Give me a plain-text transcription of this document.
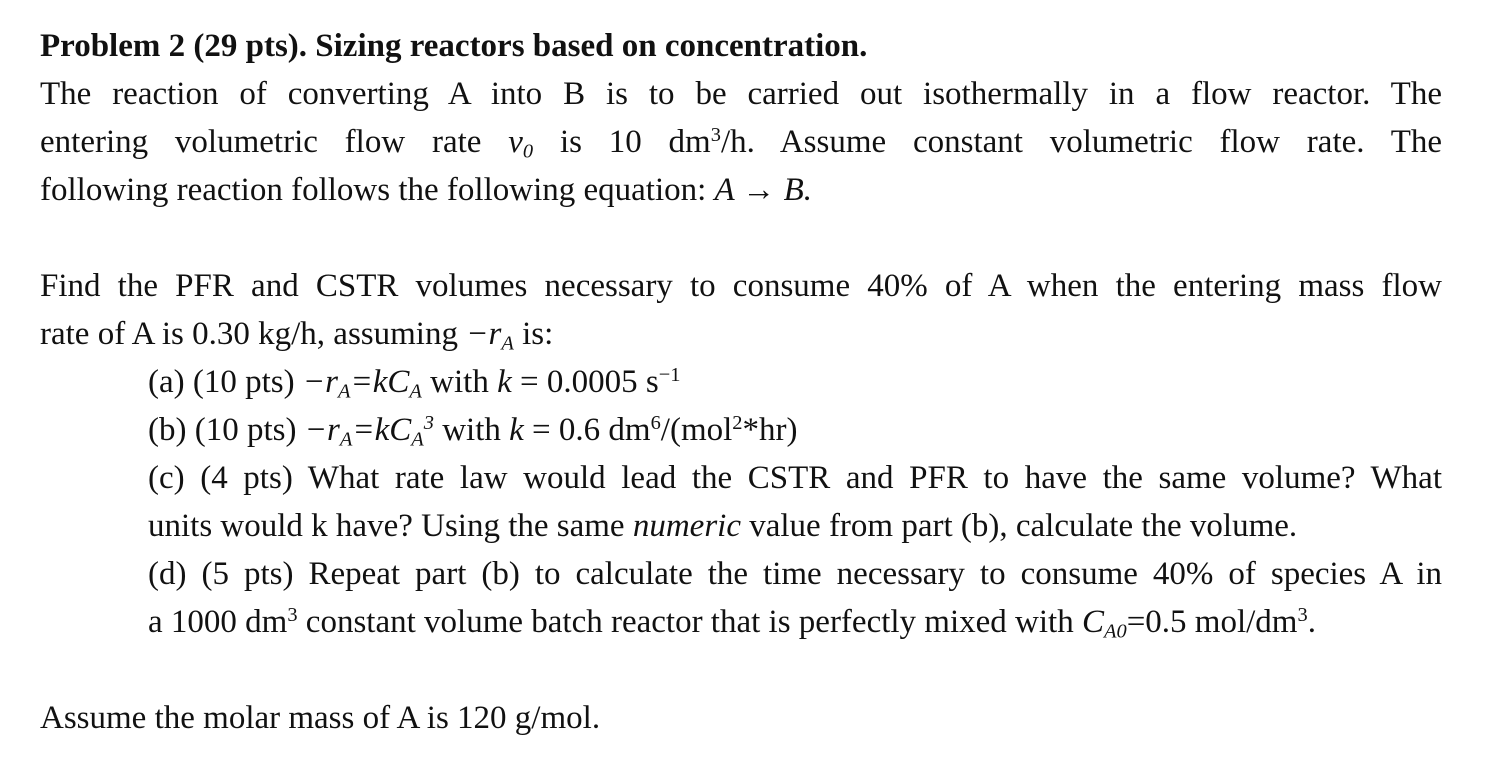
Problem 2 (29 pts). Sizing reactors based on concentration.
The reaction of converting A into B is to be carried out isothermally in a flow reactor. The
entering volumetric flow rate $v_0$ is 10 $dm^3/h$. Assume constant volumetric flow rate. The
following reaction follows the following equation: A → B.
Find the PFR and CSTR volumes necessary to consume 40% of A when the entering mass flow
rate of A is 0.30 kg/h, assuming $-r_A$ is:
(a) (10 $pts) -r_A=kC_A$ with k = 0.0005 $s^{-1}$
(b) (10 $pts) -r_A=kC_A^3$ with k = 0.6 $dm^6/(mol^2*hr)$
(c) (4 pts) What rate law would lead the CSTR and PFR to have the same volume? What
units would k have? Using the same numeric value from part (b), calculate the volume.
(d) (5 pts) Repeat part (b) to calculate the time necessary to consume 40% of species A in
a 1000 $dm^3$ constant volume batch reactor that is perfectly mixed with $C_{A0}=0.5$ mol/$dm^3$.
Assume the molar mass of A is 120 g/mol.
